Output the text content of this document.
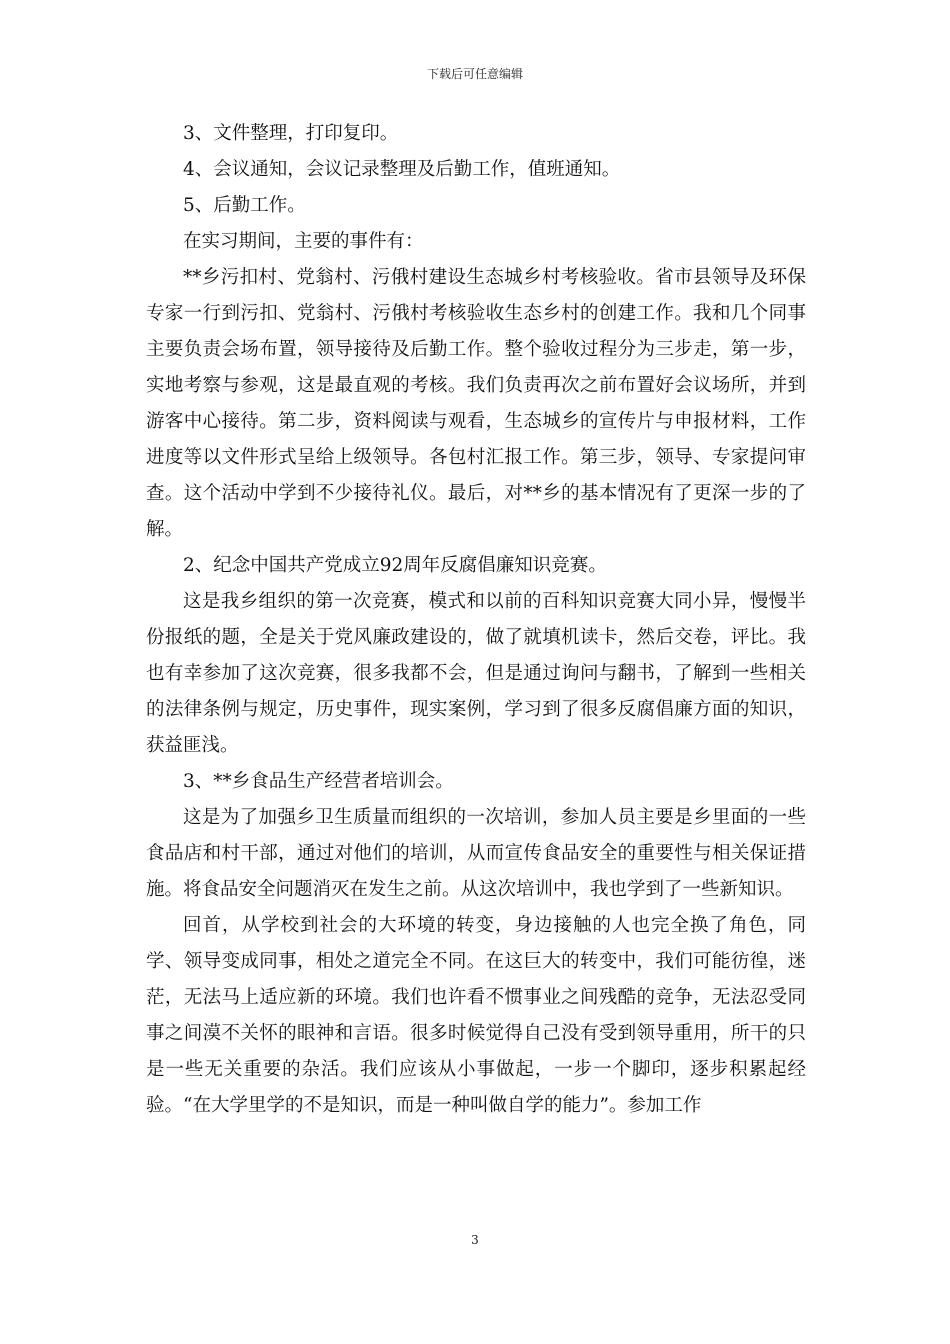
下载后可任意编辑

3、文件整理，打印复印。

4、会议通知，会议记录整理及后勤工作，值班通知。

5、后勤工作。

在实习期间，主要的事件有：

**乡污扣村、党翁村、污俄村建设生态城乡村考核验收。省市县领导及环保专家一行到污扣、党翁村、污俄村考核验收生态乡村的创建工作。我和几个同事主要负责会场布置，领导接待及后勤工作。整个验收过程分为三步走，第一步，实地考察与参观，这是最直观的考核。我们负责再次之前布置好会议场所，并到游客中心接待。第二步，资料阅读与观看，生态城乡的宣传片与申报材料，工作进度等以文件形式呈给上级领导。各包村汇报工作。第三步，领导、专家提问审查。这个活动中学到不少接待礼仪。最后，对**乡的基本情况有了更深一步的了解。

2、纪念中国共产党成立92周年反腐倡廉知识竞赛。

这是我乡组织的第一次竞赛，模式和以前的百科知识竞赛大同小异，慢慢半份报纸的题，全是关于党风廉政建设的，做了就填机读卡，然后交卷，评比。我也有幸参加了这次竞赛，很多我都不会，但是通过询问与翻书，了解到一些相关的法律条例与规定，历史事件，现实案例，学习到了很多反腐倡廉方面的知识，获益匪浅。

3、**乡食品生产经营者培训会。

这是为了加强乡卫生质量而组织的一次培训，参加人员主要是乡里面的一些食品店和村干部，通过对他们的培训，从而宣传食品安全的重要性与相关保证措施。将食品安全问题消灭在发生之前。从这次培训中，我也学到了一些新知识。

回首，从学校到社会的大环境的转变，身边接触的人也完全换了角色，同学、领导变成同事，相处之道完全不同。在这巨大的转变中，我们可能彷徨，迷茫，无法马上适应新的环境。我们也许看不惯事业之间残酷的竞争，无法忍受同事之间漠不关怀的眼神和言语。很多时候觉得自己没有受到领导重用，所干的只是一些无关重要的杂活。我们应该从小事做起，一步一个脚印，逐步积累起经验。“在大学里学的不是知识，而是一种叫做自学的能力”。参加工作

3
